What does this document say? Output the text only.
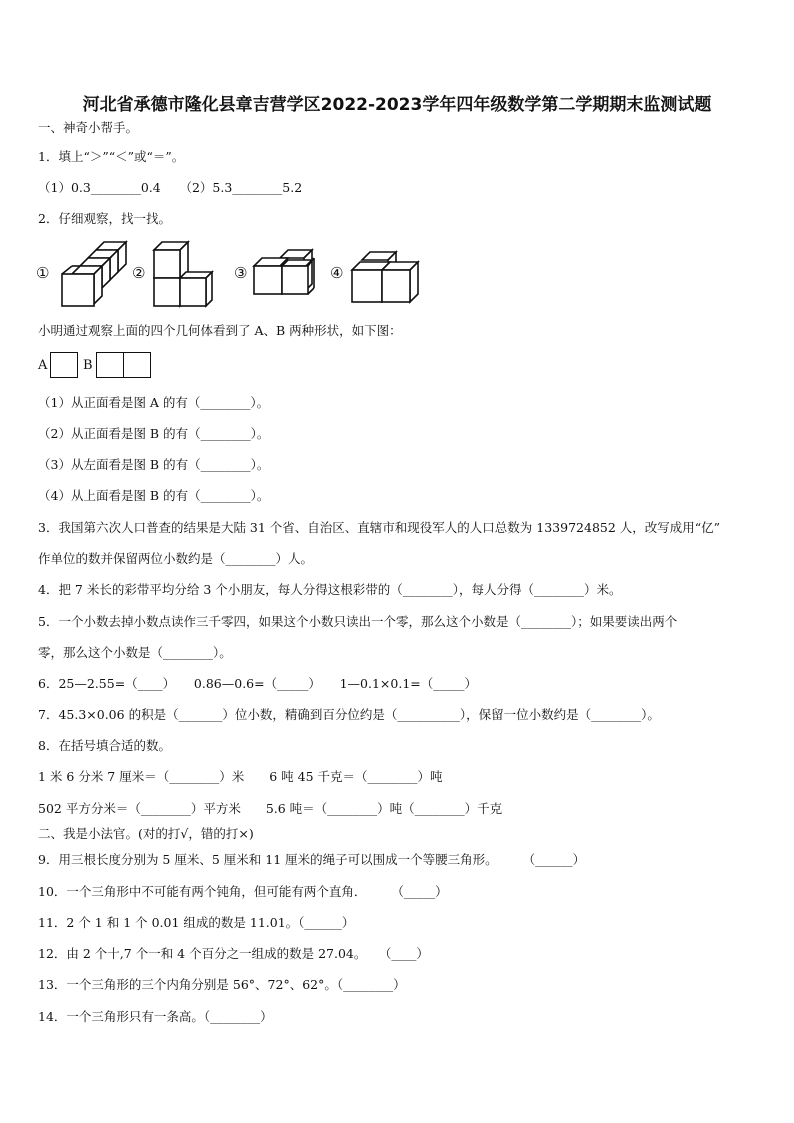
河北省承德市隆化县章吉营学区2022-2023学年四年级数学第二学期期末监测试题
一、神奇小帮手。
1．填上“＞”“＜”或“＝”。
（1）0.3________0.4　　（2）5.3________5.2
2．仔细观察，找一找。
①	②	③	④
小明通过观察上面的四个几何体看到了 A、B 两种形状，如下图：
A	B
（1）从正面看是图 A 的有（________）。
（2）从正面看是图 B 的有（________）。
（3）从左面看是图 B 的有（________）。
（4）从上面看是图 B 的有（________）。
3．我国第六次人口普查的结果是大陆 31 个省、自治区、直辖市和现役军人的人口总数为 1339724852 人，改写成用“亿”
作单位的数并保留两位小数约是（________）人。
4．把 7 米长的彩带平均分给 3 个小朋友，每人分得这根彩带的（________），每人分得（________）米。
5．一个小数去掉小数点读作三千零四，如果这个小数只读出一个零，那么这个小数是（________）；如果要读出两个
零，那么这个小数是（________）。
6．25—2.55=（____）　　0.86—0.6=（_____）　　1—0.1×0.1=（_____）
7．45.3×0.06 的积是（_______）位小数，精确到百分位约是（__________），保留一位小数约是（________）。
8．在括号填合适的数。
1 米 6 分米 7 厘米＝（________）米　　6 吨 45 千克＝（________）吨
502 平方分米＝（________）平方米　　5.6 吨＝（________）吨（________）千克
二、我是小法官。(对的打√，错的打×)
9．用三根长度分别为 5 厘米、5 厘米和 11 厘米的绳子可以围成一个等腰三角形。　　　（______）
10．一个三角形中不可能有两个钝角，但可能有两个直角．　　　（_____）
11．2 个 1 和 1 个 0.01 组成的数是 11.01。（______）
12．由 2 个十,7 个一和 4 个百分之一组成的数是 27.04。　　（____）
13．一个三角形的三个内角分别是 56°、72°、62°。（________）
14．一个三角形只有一条高。（________）
